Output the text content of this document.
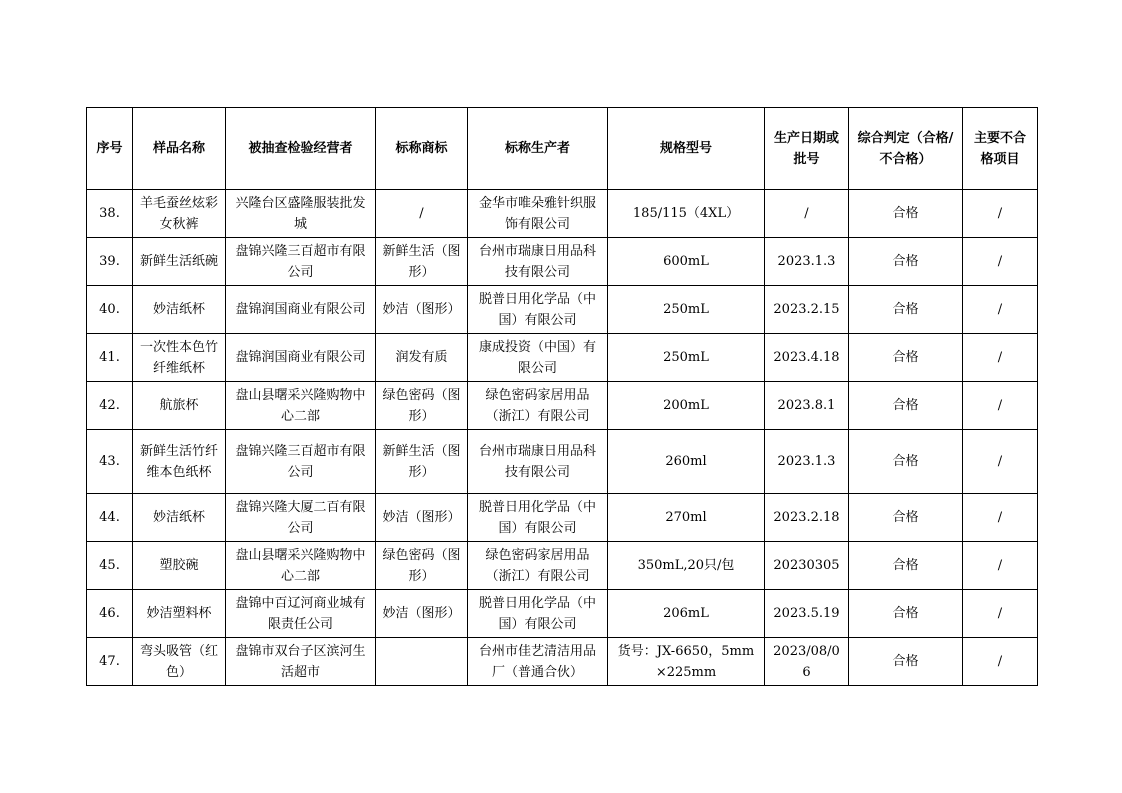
序号	样品名称	被抽查检验经营者	标称商标	标称生产者	规格型号	生产日期或批号	综合判定（合格/不合格）	主要不合格项目
38.	羊毛蚕丝炫彩女秋裤	兴隆台区盛隆服装批发城	/	金华市唯朵雅针织服饰有限公司	185/115（4XL）	/	合格	/
39.	新鲜生活纸碗	盘锦兴隆三百超市有限公司	新鲜生活（图形）	台州市瑞康日用品科技有限公司	600mL	2023.1.3	合格	/
40.	妙洁纸杯	盘锦润国商业有限公司	妙洁（图形）	脱普日用化学品（中国）有限公司	250mL	2023.2.15	合格	/
41.	一次性本色竹纤维纸杯	盘锦润国商业有限公司	润发有质	康成投资（中国）有限公司	250mL	2023.4.18	合格	/
42.	航旅杯	盘山县曙采兴隆购物中心二部	绿色密码（图形）	绿色密码家居用品（浙江）有限公司	200mL	2023.8.1	合格	/
43.	新鲜生活竹纤维本色纸杯	盘锦兴隆三百超市有限公司	新鲜生活（图形）	台州市瑞康日用品科技有限公司	260ml	2023.1.3	合格	/
44.	妙洁纸杯	盘锦兴隆大厦二百有限公司	妙洁（图形）	脱普日用化学品（中国）有限公司	270ml	2023.2.18	合格	/
45.	塑胶碗	盘山县曙采兴隆购物中心二部	绿色密码（图形）	绿色密码家居用品（浙江）有限公司	350mL,20只/包	20230305	合格	/
46.	妙洁塑料杯	盘锦中百辽河商业城有限责任公司	妙洁（图形）	脱普日用化学品（中国）有限公司	206mL	2023.5.19	合格	/
47.	弯头吸管（红色）	盘锦市双台子区滨河生活超市		台州市佳艺清洁用品厂（普通合伙）	货号：JX-6650，5mm×225mm	2023/08/06	合格	/
